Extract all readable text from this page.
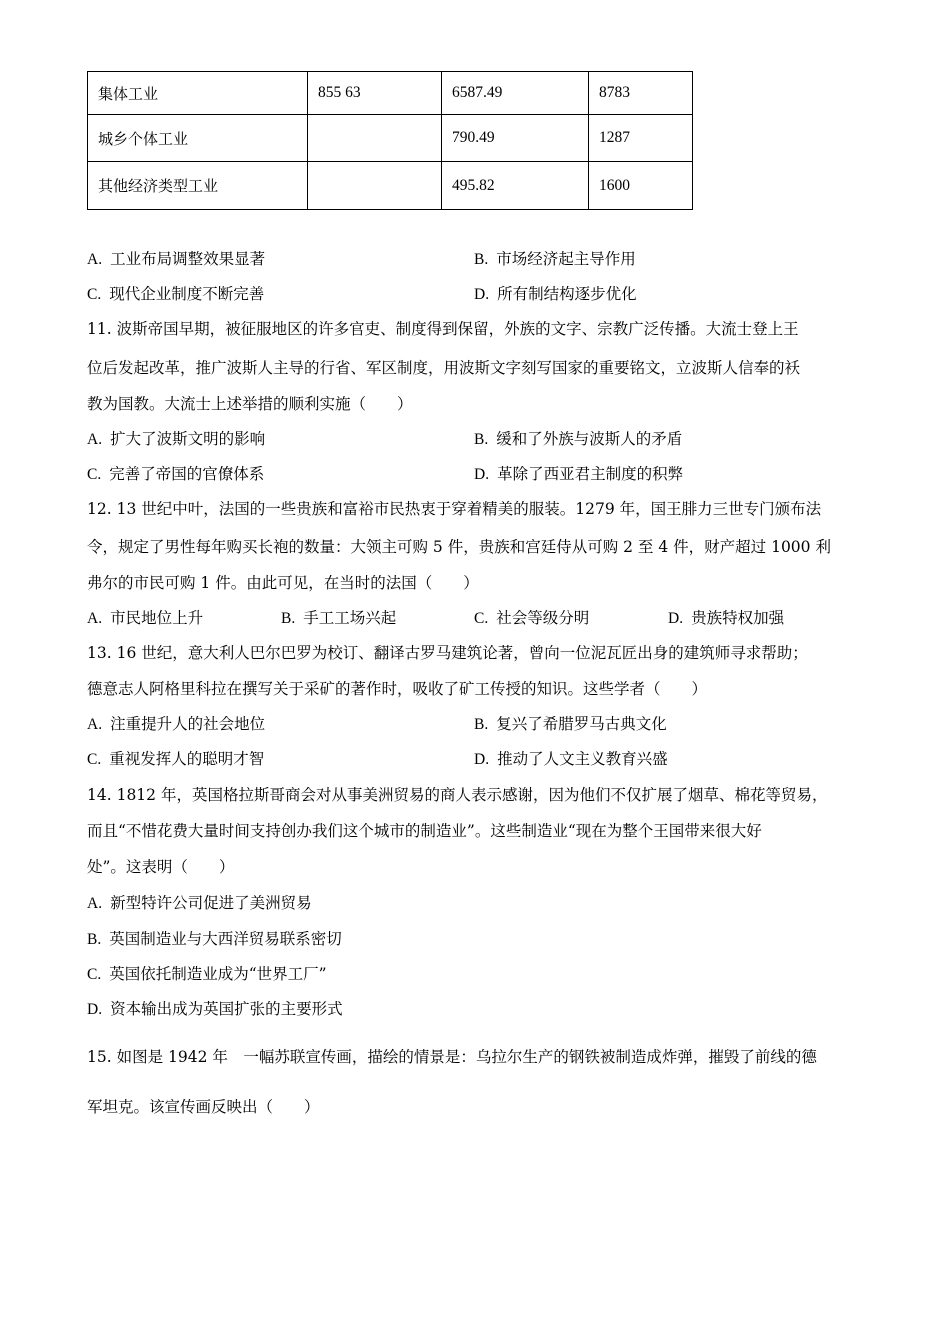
集体工业	855 63	6587.49	8783
城乡个体工业		790.49	1287
其他经济类型工业		495.82	1600
A. 工业布局调整效果显著	B. 市场经济起主导作用
C. 现代企业制度不断完善	D. 所有制结构逐步优化
11. 波斯帝国早期，被征服地区的许多官吏、制度得到保留，外族的文字、宗教广泛传播。大流士登上王
位后发起改革，推广波斯人主导的行省、军区制度，用波斯文字刻写国家的重要铭文，立波斯人信奉的袄
教为国教。大流士上述举措的顺利实施（　　）
A. 扩大了波斯文明的影响	B. 缓和了外族与波斯人的矛盾
C. 完善了帝国的官僚体系	D. 革除了西亚君主制度的积弊
12. 13 世纪中叶，法国的一些贵族和富裕市民热衷于穿着精美的服装。1279 年，国王腓力三世专门颁布法
令，规定了男性每年购买长袍的数量：大领主可购 5 件，贵族和宫廷侍从可购 2 至 4 件，财产超过 1000 利
弗尔的市民可购 1 件。由此可见，在当时的法国（　　）
A. 市民地位上升	B. 手工工场兴起	C. 社会等级分明	D. 贵族特权加强
13. 16 世纪，意大利人巴尔巴罗为校订、翻译古罗马建筑论著，曾向一位泥瓦匠出身的建筑师寻求帮助；
德意志人阿格里科拉在撰写关于采矿的著作时，吸收了矿工传授的知识。这些学者（　　）
A. 注重提升人的社会地位	B. 复兴了希腊罗马古典文化
C. 重视发挥人的聪明才智	D. 推动了人文主义教育兴盛
14. 1812 年，英国格拉斯哥商会对从事美洲贸易的商人表示感谢，因为他们不仅扩展了烟草、棉花等贸易，
而且“不惜花费大量时间支持创办我们这个城市的制造业”。这些制造业“现在为整个王国带来很大好
处”。这表明（　　）
A. 新型特许公司促进了美洲贸易
B. 英国制造业与大西洋贸易联系密切
C. 英国依托制造业成为“世界工厂”
D. 资本输出成为英国扩张的主要形式
15. 如图是 1942 年　一幅苏联宣传画，描绘的情景是：乌拉尔生产的钢铁被制造成炸弹，摧毁了前线的德
军坦克。该宣传画反映出（　　）
